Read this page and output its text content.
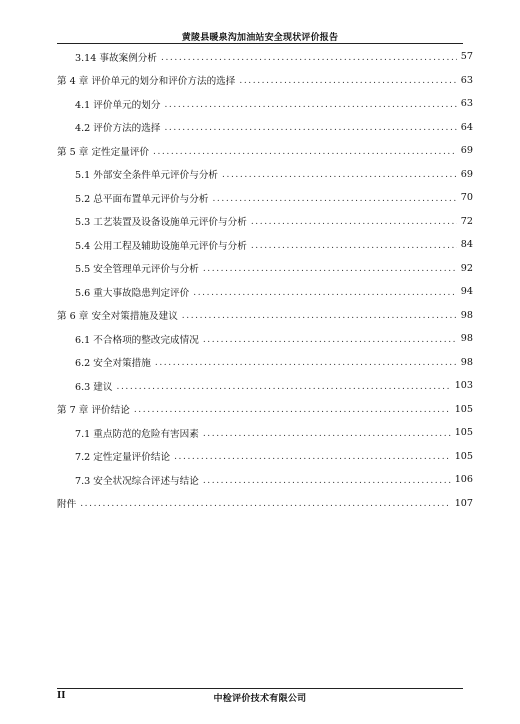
黄陵县暖泉沟加油站安全现状评价报告
3.14 事故案例分析 .....	57
第 4 章 评价单元的划分和评价方法的选择 .....	63
4.1 评价单元的划分 .....	63
4.2 评价方法的选择 .....	64
第 5 章 定性定量评价 .....	69
5.1 外部安全条件单元评价与分析 .....	69
5.2 总平面布置单元评价与分析 .....	70
5.3 工艺装置及设备设施单元评价与分析 .....	72
5.4 公用工程及辅助设施单元评价与分析 .....	84
5.5 安全管理单元评价与分析 .....	92
5.6 重大事故隐患判定评价 .....	94
第 6 章 安全对策措施及建议 .....	98
6.1 不合格项的整改完成情况 .....	98
6.2 安全对策措施 .....	98
6.3 建议 .....	103
第 7 章 评价结论 .....	105
7.1 重点防范的危险有害因素 .....	105
7.2 定性定量评价结论 .....	105
7.3 安全状况综合评述与结论 .....	106
附件 .....	107
II	中检评价技术有限公司
